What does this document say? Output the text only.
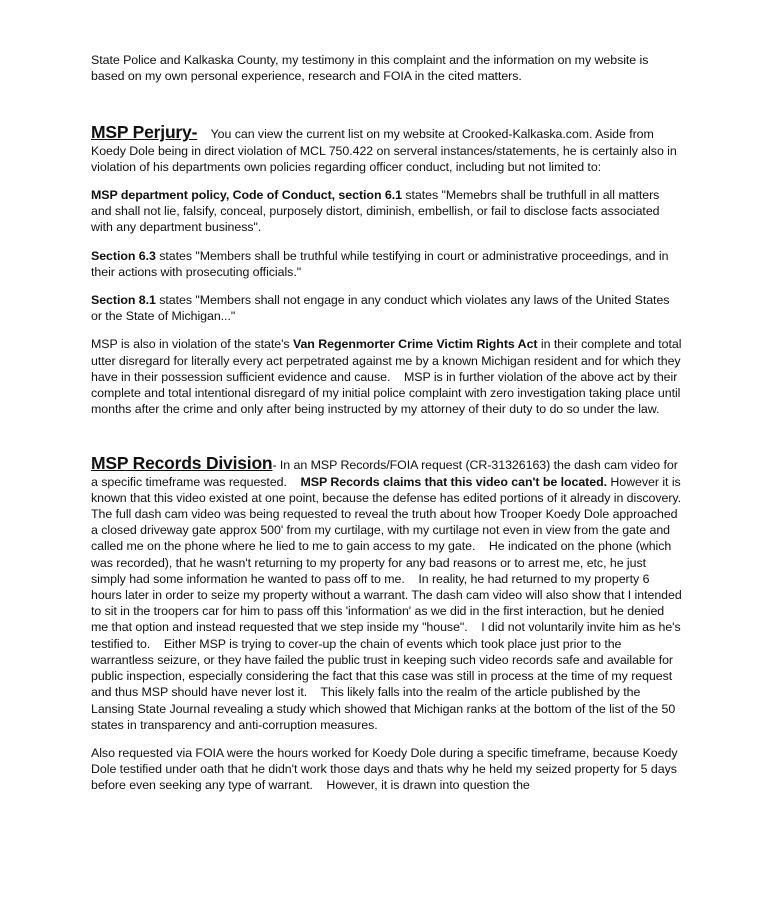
State Police and Kalkaska County, my testimony in this complaint and the information on my website is based on my own personal experience, research and FOIA in the cited matters.

MSP Perjury-    You can view the current list on my website at Crooked-Kalkaska.com. Aside from Koedy Dole being in direct violation of MCL 750.422 on serveral instances/statements, he is certainly also in violation of his departments own policies regarding officer conduct, including but not limited to:

MSP department policy, Code of Conduct, section 6.1 states "Memebrs shall be truthfull in all matters and shall not lie, falsify, conceal, purposely distort, diminish, embellish, or fail to disclose facts associated with any department business".

Section 6.3 states "Members shall be truthful while testifying in court or administrative proceedings, and in their actions with prosecuting officials."

Section 8.1 states "Members shall not engage in any conduct which violates any laws of the United States or the State of Michigan..."

MSP is also in violation of the state's Van Regenmorter Crime Victim Rights Act in their complete and total utter disregard for literally every act perpetrated against me by a known Michigan resident and for which they have in their possession sufficient evidence and cause.    MSP is in further violation of the above act by their complete and total intentional disregard of my initial police complaint with zero investigation taking place until months after the crime and only after being instructed by my attorney of their duty to do so under the law.

MSP Records Division- In an MSP Records/FOIA request (CR-31326163) the dash cam video for a specific timeframe was requested.    MSP Records claims that this video can't be located. However it is known that this video existed at one point, because the defense has edited portions of it already in discovery.    The full dash cam video was being requested to reveal the truth about how Trooper Koedy Dole approached a closed driveway gate approx 500' from my curtilage, with my curtilage not even in view from the gate and called me on the phone where he lied to me to gain access to my gate.    He indicated on the phone (which was recorded), that he wasn't returning to my property for any bad reasons or to arrest me, etc, he just simply had some information he wanted to pass off to me.    In reality, he had returned to my property 6 hours later in order to seize my property without a warrant. The dash cam video will also show that I intended to sit in the troopers car for him to pass off this 'information' as we did in the first interaction, but he denied me that option and instead requested that we step inside my "house".    I did not voluntarily invite him as he's testified to.    Either MSP is trying to cover-up the chain of events which took place just prior to the warrantless seizure, or they have failed the public trust in keeping such video records safe and available for public inspection, especially considering the fact that this case was still in process at the time of my request and thus MSP should have never lost it.    This likely falls into the realm of the article published by the Lansing State Journal revealing a study which showed that Michigan ranks at the bottom of the list of the 50 states in transparency and anti-corruption measures.

Also requested via FOIA were the hours worked for Koedy Dole during a specific timeframe, because Koedy Dole testified under oath that he didn't work those days and thats why he held my seized property for 5 days before even seeking any type of warrant.    However, it is drawn into question the
